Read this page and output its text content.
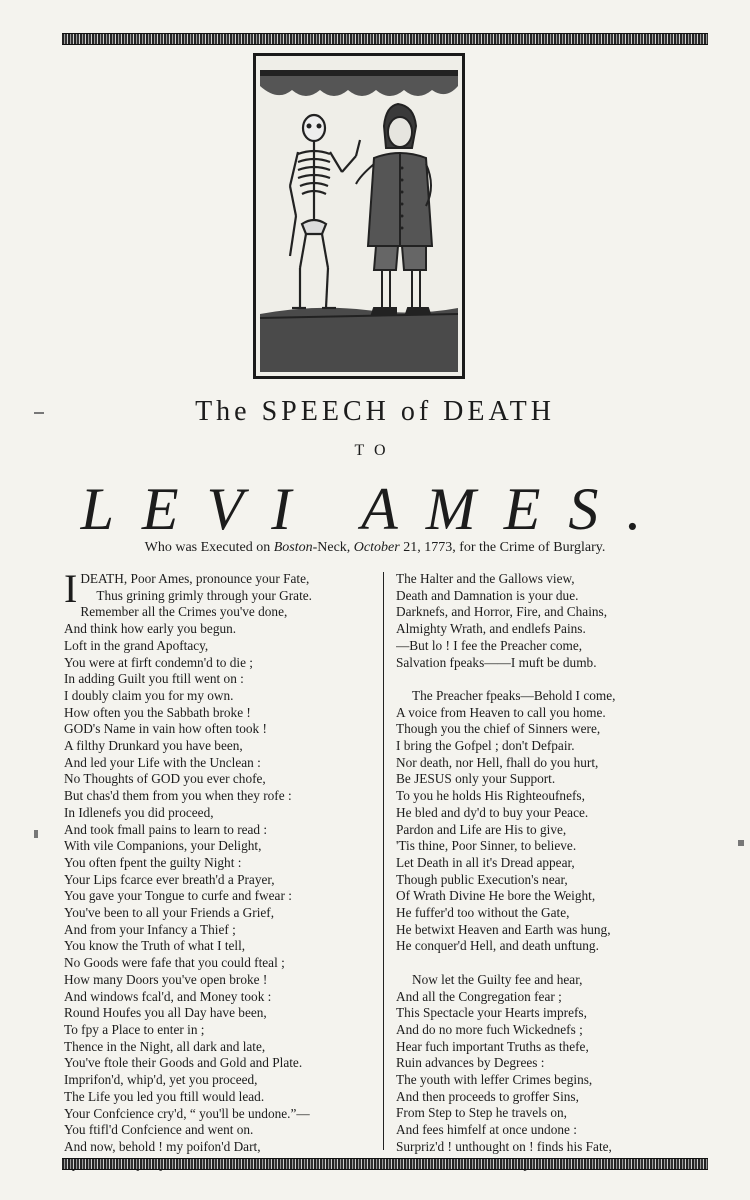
The SPEECH of DEATH
TO
LEVI AMES.
Who was Executed on Boston-Neck, October 21, 1773, for the Crime of Burglary.
I DEATH, Poor Ames, pronounce your Fate,
Thus grining grimly through your Grate.
Remember all the Crimes you've done,
And think how early you begun.
Loft in the grand Apoftacy,
You were at firft condemn'd to die ;
In adding Guilt you ftill went on :
I doubly claim you for my own.
How often you the Sabbath broke !
GOD's Name in vain how often took !
A filthy Drunkard you have been,
And led your Life with the Unclean :
No Thoughts of GOD you ever chofe,
But chas'd them from you when they rofe :
In Idlenefs you did proceed,
And took fmall pains to learn to read :
With vile Companions, your Delight,
You often fpent the guilty Night :
Your Lips fcarce ever breath'd a Prayer,
You gave your Tongue to curfe and fwear :
You've been to all your Friends a Grief,
And from your Infancy a Thief ;
You know the Truth of what I tell,
No Goods were fafe that you could fteal ;
How many Doors you've open broke !
And windows fcal'd, and Money took :
Round Houfes you all Day have been,
To fpy a Place to enter in ;
Thence in the Night, all dark and late,
You've ftole their Goods and Gold and Plate.
Imprifon'd, whip'd, yet you proceed,
The Life you led you ftill would lead.
Your Confcience cry'd, “ you'll be undone.”—
You ftifl'd Confcience and went on.
And now, behold ! my poifon'd Dart,
The Halter and the Gallows view,
Death and Damnation is your due.
Darknefs, and Horror, Fire, and Chains,
Almighty Wrath, and endlefs Pains.
—But lo ! I fee the Preacher come,
Salvation fpeaks——I muft be dumb.
The Preacher fpeaks—Behold I come,
A voice from Heaven to call you home.
Though you the chief of Sinners were,
I bring the Gofpel ; don't Defpair.
Nor death, nor Hell, fhall do you hurt,
Be JESUS only your Support.
To you he holds His Righteoufnefs,
He bled and dy'd to buy your Peace.
Pardon and Life are His to give,
'Tis thine, Poor Sinner, to believe.
Let Death in all it's Dread appear,
Though public Execution's near,
Of Wrath Divine He bore the Weight,
He fuffer'd too without the Gate,
He betwixt Heaven and Earth was hung,
He conquer'd Hell, and death unftung.
Now let the Guilty fee and hear,
And all the Congregation fear ;
This Spectacle your Hearts imprefs,
And do no more fuch Wickednefs ;
Hear fuch important Truths as thefe,
Ruin advances by Degrees :
The youth with leffer Crimes begins,
And then proceeds to groffer Sins,
From Step to Step he travels on,
And fees himfelf at once undone :
Surpriz'd ! unthought on ! finds his Fate,
